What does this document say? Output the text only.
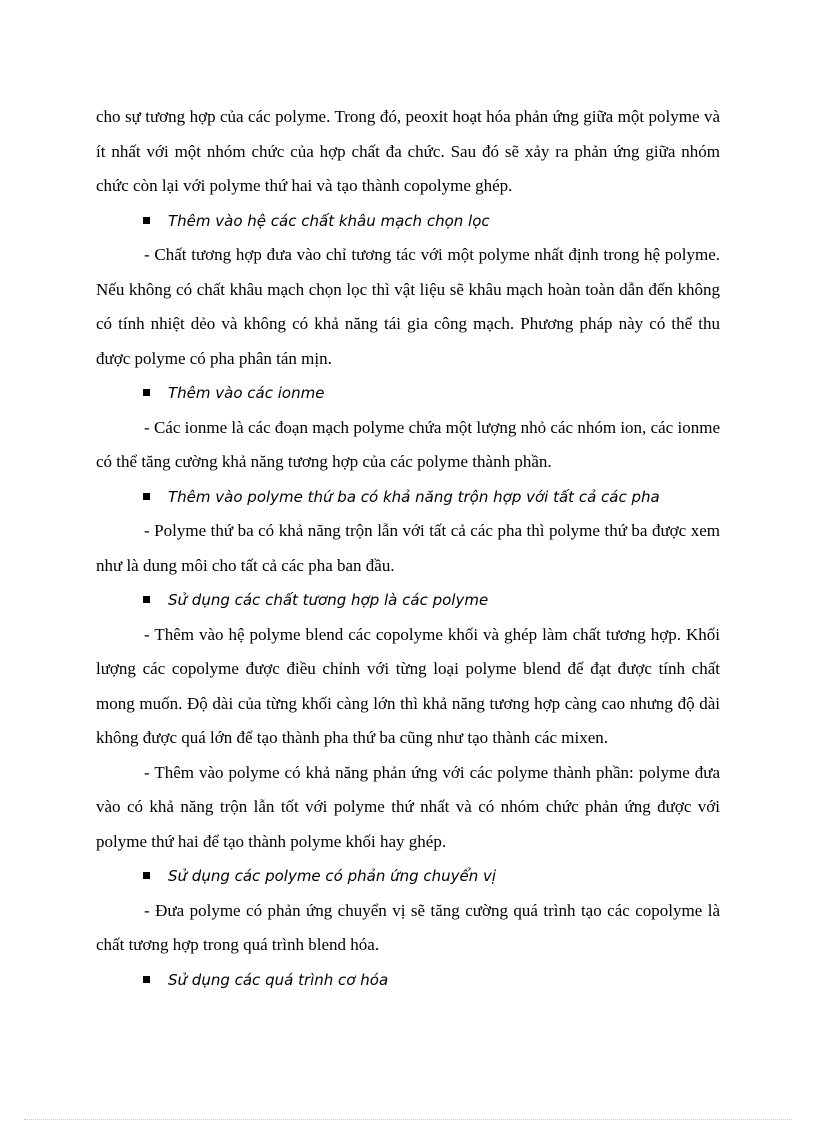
cho sự tương hợp của các polyme. Trong đó, peoxit hoạt hóa phản ứng giữa một polyme và ít nhất với một nhóm chức của hợp chất đa chức. Sau đó sẽ xảy ra phản ứng giữa nhóm chức còn lại với polyme thứ hai và tạo thành copolyme ghép.

Thêm vào hệ các chất khâu mạch chọn lọc

- Chất tương hợp đưa vào chỉ tương tác với một polyme nhất định trong hệ polyme. Nếu không có chất khâu mạch chọn lọc thì vật liệu sẽ khâu mạch hoàn toàn dẫn đến không có tính nhiệt dẻo và không có khả năng tái gia công mạch. Phương pháp này có thể thu được polyme có pha phân tán mịn.

Thêm vào các ionme

- Các ionme là các đoạn mạch polyme chứa một lượng nhỏ các nhóm ion, các ionme có thể tăng cường khả năng tương hợp của các polyme thành phần.

Thêm vào polyme thứ ba có khả năng trộn hợp với tất cả các pha

- Polyme thứ ba có khả năng trộn lẫn với tất cả các pha thì polyme thứ ba được xem như là dung môi cho tất cả các pha ban đầu.

Sử dụng các chất tương hợp là các polyme

- Thêm vào hệ polyme blend các copolyme khối và ghép làm chất tương hợp. Khối lượng các copolyme được điều chỉnh với từng loại polyme blend để đạt được tính chất mong muốn. Độ dài của từng khối càng lớn thì khả năng tương hợp càng cao nhưng độ dài không được quá lớn để tạo thành pha thứ ba cũng như tạo thành các mixen.

- Thêm vào polyme có khả năng phản ứng với các polyme thành phần: polyme đưa vào có khả năng trộn lẫn tốt với polyme thứ nhất và có nhóm chức phản ứng được với polyme thứ hai để tạo thành polyme khối hay ghép.

Sử dụng các polyme có phản ứng chuyển vị

- Đưa polyme có phản ứng chuyển vị sẽ tăng cường quá trình tạo các copolyme là chất tương hợp trong quá trình blend hóa.

Sử dụng các quá trình cơ hóa
